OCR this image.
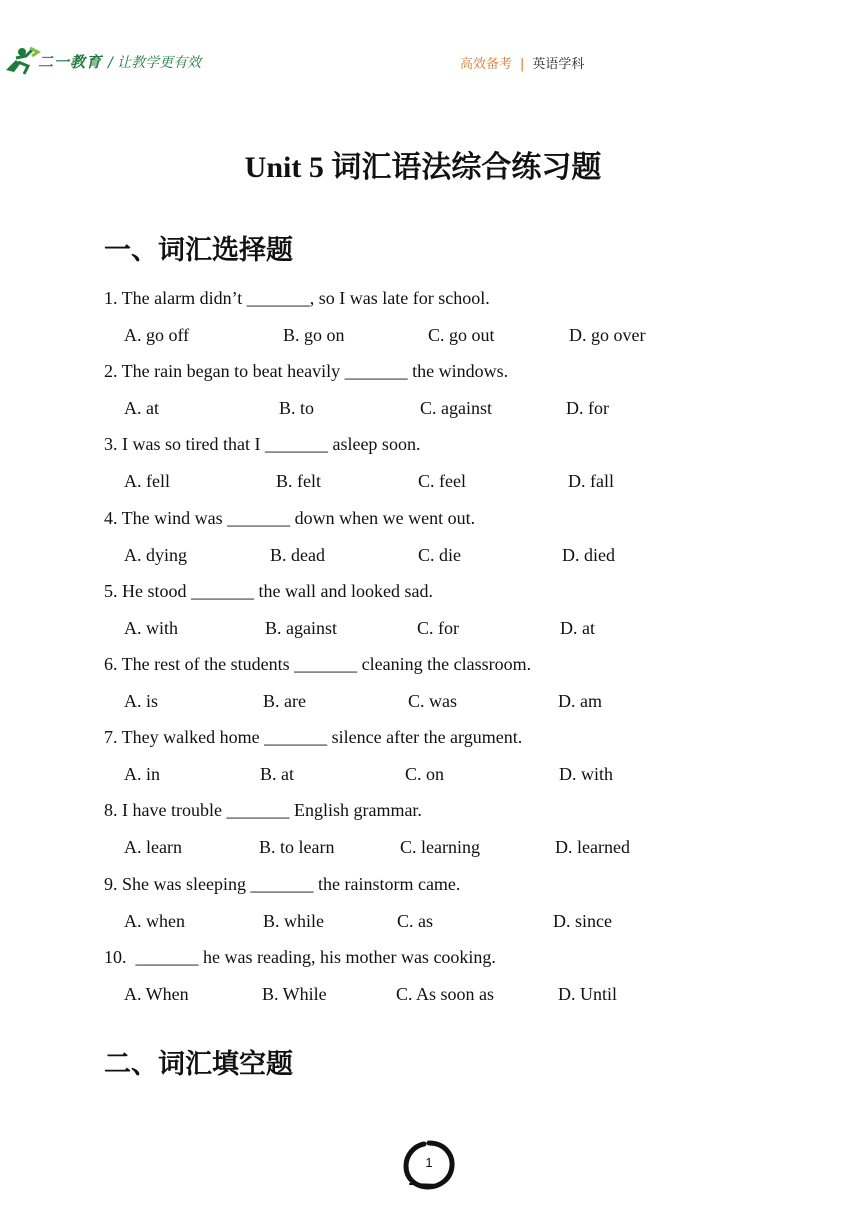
二一教育 / 让教学更有效	高效备考 | 英语学科
Unit 5 词汇语法综合练习题
一、词汇选择题
1. The alarm didn’t _______, so I was late for school.
A. go off	B. go on	C. go out	D. go over
2. The rain began to beat heavily _______ the windows.
A. at	B. to	C. against	D. for
3. I was so tired that I _______ asleep soon.
A. fell	B. felt	C. feel	D. fall
4. The wind was _______ down when we went out.
A. dying	B. dead	C. die	D. died
5. He stood _______ the wall and looked sad.
A. with	B. against	C. for	D. at
6. The rest of the students _______ cleaning the classroom.
A. is	B. are	C. was	D. am
7. They walked home _______ silence after the argument.
A. in	B. at	C. on	D. with
8. I have trouble _______ English grammar.
A. learn	B. to learn	C. learning	D. learned
9. She was sleeping _______ the rainstorm came.
A. when	B. while	C. as	D. since
10.  _______ he was reading, his mother was cooking.
A. When	B. While	C. As soon as	D. Until
二、词汇填空题
1
